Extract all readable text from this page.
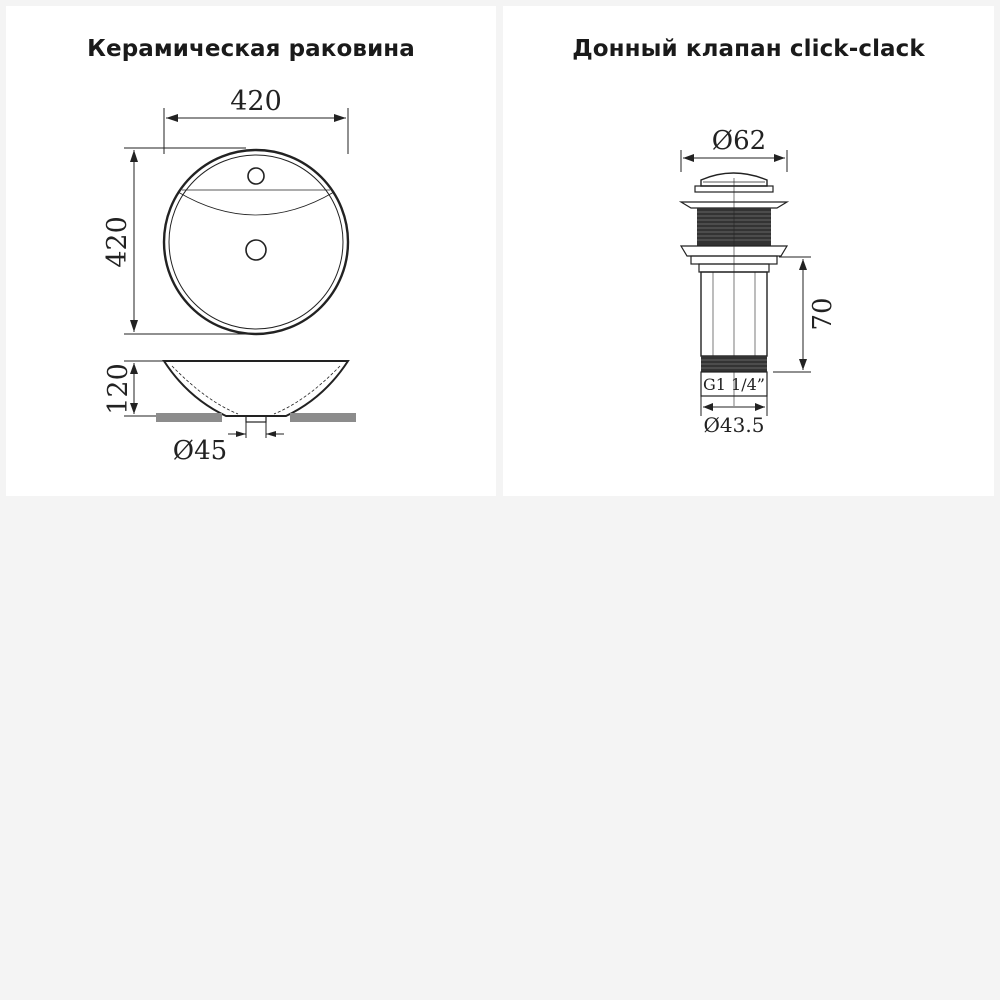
Керамическая раковина
420
420
120
Ø45
Донный клапан click-clack
Ø62
G1 1/4”
70
Ø43.5
